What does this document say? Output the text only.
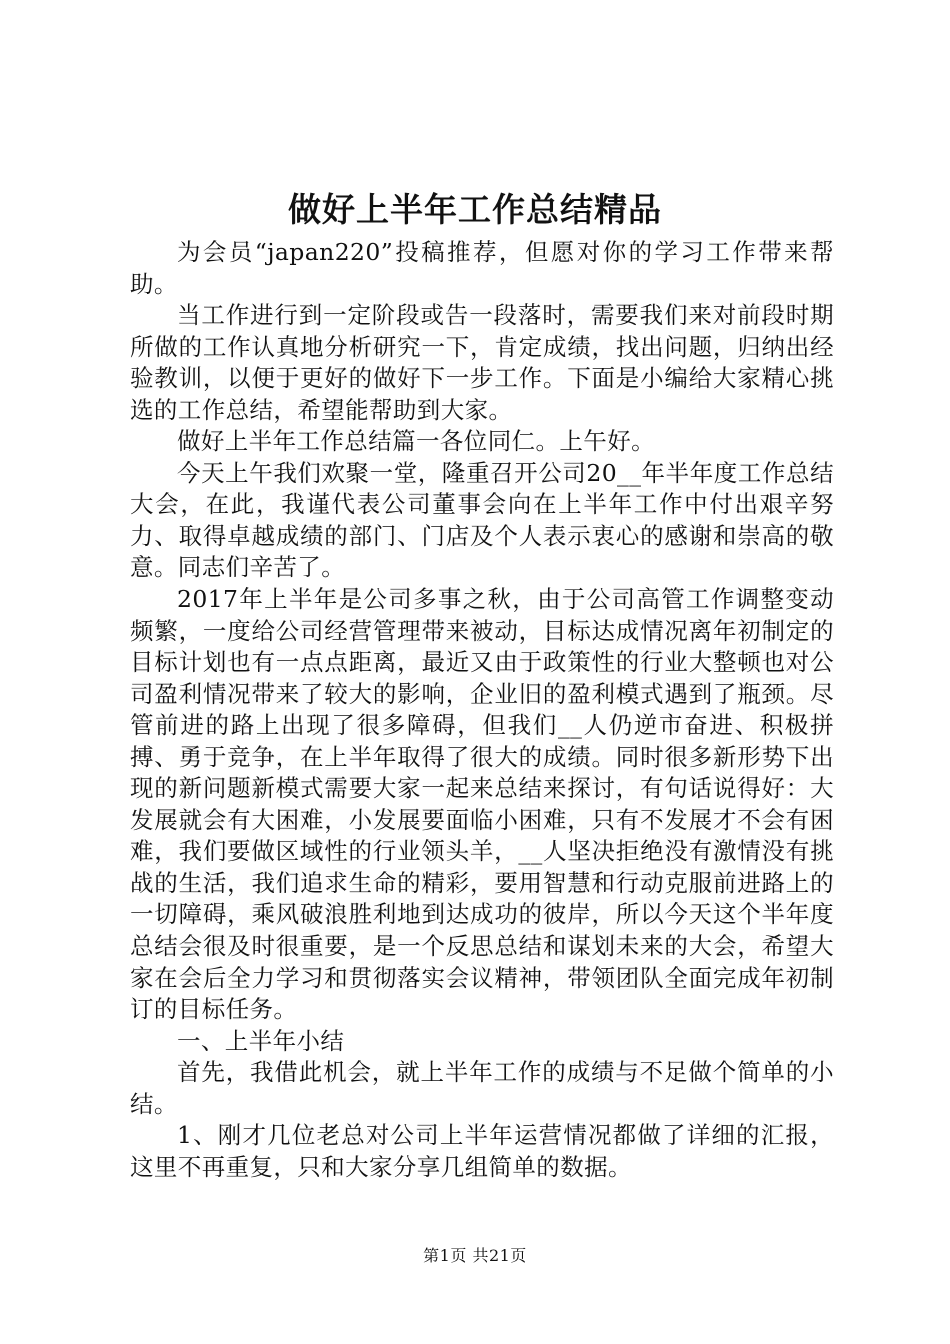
做好上半年工作总结精品

为会员“japan220”投稿推荐，但愿对你的学习工作带来帮助。

当工作进行到一定阶段或告一段落时，需要我们来对前段时期所做的工作认真地分析研究一下，肯定成绩，找出问题，归纳出经验教训，以便于更好的做好下一步工作。下面是小编给大家精心挑选的工作总结，希望能帮助到大家。

做好上半年工作总结篇一各位同仁。上午好。

今天上午我们欢聚一堂，隆重召开公司20__年半年度工作总结大会，在此，我谨代表公司董事会向在上半年工作中付出艰辛努力、取得卓越成绩的部门、门店及个人表示衷心的感谢和崇高的敬意。同志们辛苦了。

2017年上半年是公司多事之秋，由于公司高管工作调整变动频繁，一度给公司经营管理带来被动，目标达成情况离年初制定的目标计划也有一点点距离，最近又由于政策性的行业大整顿也对公司盈利情况带来了较大的影响，企业旧的盈利模式遇到了瓶颈。尽管前进的路上出现了很多障碍，但我们__人仍逆市奋进、积极拼搏、勇于竞争，在上半年取得了很大的成绩。同时很多新形势下出现的新问题新模式需要大家一起来总结来探讨，有句话说得好：大发展就会有大困难，小发展要面临小困难，只有不发展才不会有困难，我们要做区域性的行业领头羊，__人坚决拒绝没有激情没有挑战的生活，我们追求生命的精彩，要用智慧和行动克服前进路上的一切障碍，乘风破浪胜利地到达成功的彼岸，所以今天这个半年度总结会很及时很重要，是一个反思总结和谋划未来的大会，希望大家在会后全力学习和贯彻落实会议精神，带领团队全面完成年初制订的目标任务。

一、上半年小结

首先，我借此机会，就上半年工作的成绩与不足做个简单的小结。

1、刚才几位老总对公司上半年运营情况都做了详细的汇报，这里不再重复，只和大家分享几组简单的数据。

第1页 共21页
